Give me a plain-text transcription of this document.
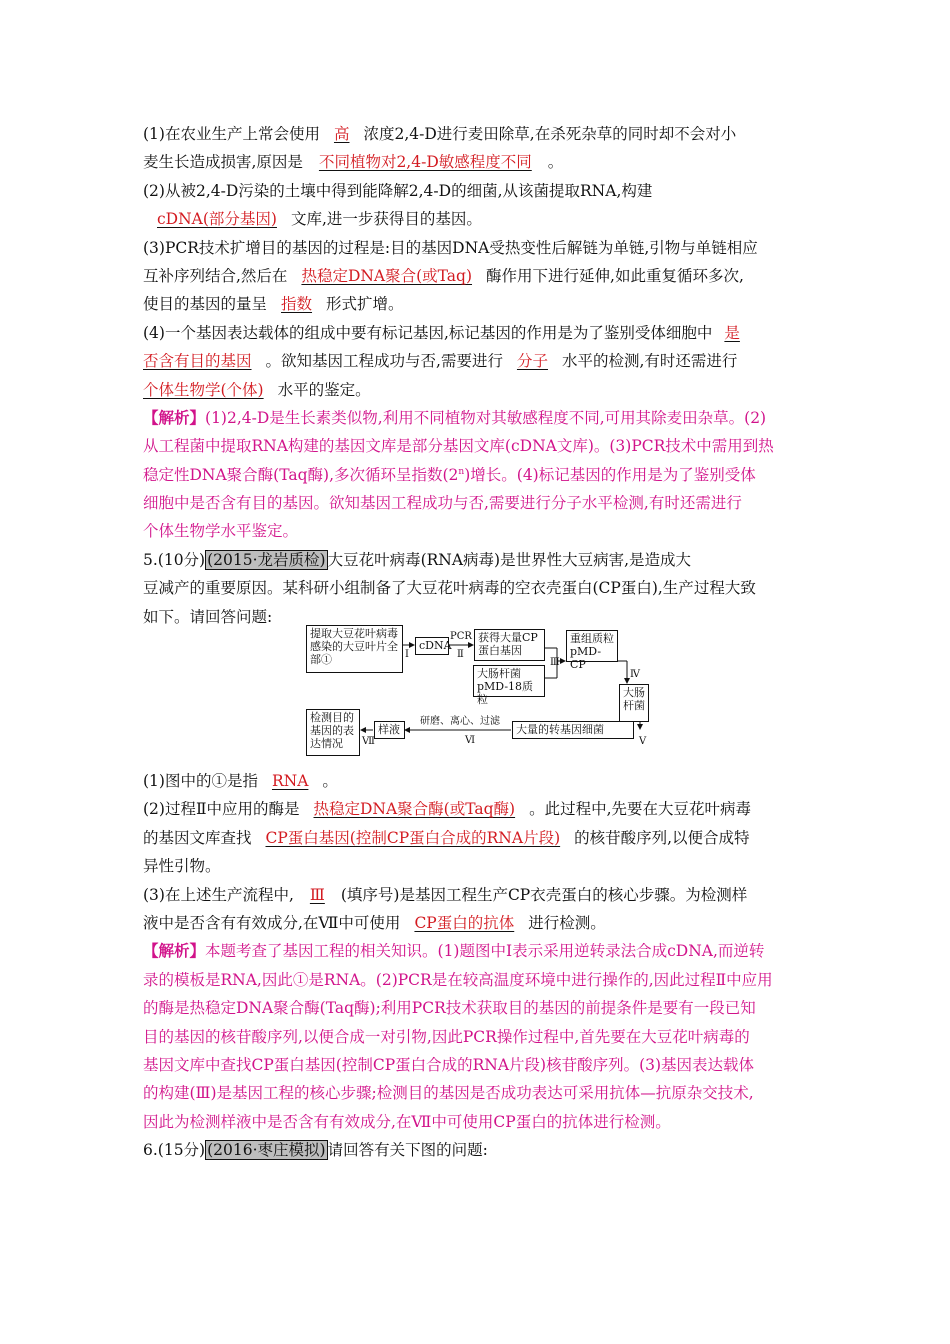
(1)在农业生产上常会使用 高 浓度2,4-D进行麦田除草,在杀死杂草的同时却不会对小
麦生长造成损害,原因是 不同植物对2,4-D敏感程度不同 。
(2)从被2,4-D污染的土壤中得到能降解2,4-D的细菌,从该菌提取RNA,构建
cDNA(部分基因) 文库,进一步获得目的基因。
(3)PCR技术扩增目的基因的过程是:目的基因DNA受热变性后解链为单链,引物与单链相应
互补序列结合,然后在 热稳定DNA聚合(或Taq) 酶作用下进行延伸,如此重复循环多次,
使目的基因的量呈 指数 形式扩增。
(4)一个基因表达载体的组成中要有标记基因,标记基因的作用是为了鉴别受体细胞中 是
否含有目的基因 。欲知基因工程成功与否,需要进行 分子 水平的检测,有时还需进行
个体生物学(个体) 水平的鉴定。
【解析】(1)2,4-D是生长素类似物,利用不同植物对其敏感程度不同,可用其除麦田杂草。(2)
从工程菌中提取RNA构建的基因文库是部分基因文库(cDNA文库)。(3)PCR技术中需用到热
稳定性DNA聚合酶(Taq酶),多次循环呈指数(2$^n$)增长。(4)标记基因的作用是为了鉴别受体
细胞中是否含有目的基因。欲知基因工程成功与否,需要进行分子水平检测,有时还需进行
个体生物学水平鉴定。
5.(10分) (2015·龙岩质检) 大豆花叶病毒(RNA病毒)是世界性大豆病害,是造成大
豆减产的重要原因。某科研小组制备了大豆花叶病毒的空衣壳蛋白(CP蛋白),生产过程大致
如下。请回答问题:
(1)图中的①是指 RNA 。
(2)过程Ⅱ中应用的酶是 热稳定DNA聚合酶(或Taq酶) 。此过程中,先要在大豆花叶病毒
的基因文库查找 CP蛋白基因(控制CP蛋白合成的RNA片段) 的核苷酸序列,以便合成特
异性引物。
(3)在上述生产流程中, Ⅲ (填序号)是基因工程生产CP衣壳蛋白的核心步骤。为检测样
液中是否含有有效成分,在Ⅶ中可使用 CP蛋白的抗体 进行检测。
【解析】本题考查了基因工程的相关知识。(1)题图中Ⅰ表示采用逆转录法合成cDNA,而逆转
录的模板是RNA,因此①是RNA。(2)PCR是在较高温度环境中进行操作的,因此过程Ⅱ中应用
的酶是热稳定DNA聚合酶(Taq酶);利用PCR技术获取目的基因的前提条件是要有一段已知
目的基因的核苷酸序列,以便合成一对引物,因此PCR操作过程中,首先要在大豆花叶病毒的
基因文库中查找CP蛋白基因(控制CP蛋白合成的RNA片段)核苷酸序列。(3)基因表达载体
的构建(Ⅲ)是基因工程的核心步骤;检测目的基因是否成功表达可采用抗体—抗原杂交技术,
因此为检测样液中是否含有有效成分,在Ⅶ中可使用CP蛋白的抗体进行检测。
6.(15分) (2016·枣庄模拟) 请回答有关下图的问题:
提取大豆花叶病毒感染的大豆叶片全部①
cDNA
获得大量CP蛋白基因
重组质粒pMD-CP
大肠杆菌pMD-18质粒
大肠杆菌
大量的转基因细菌
样液
检测目的基因的表达情况
Ⅰ
PCR
Ⅱ
Ⅲ
Ⅳ
Ⅴ
研磨、离心、过滤
Ⅵ
Ⅶ
